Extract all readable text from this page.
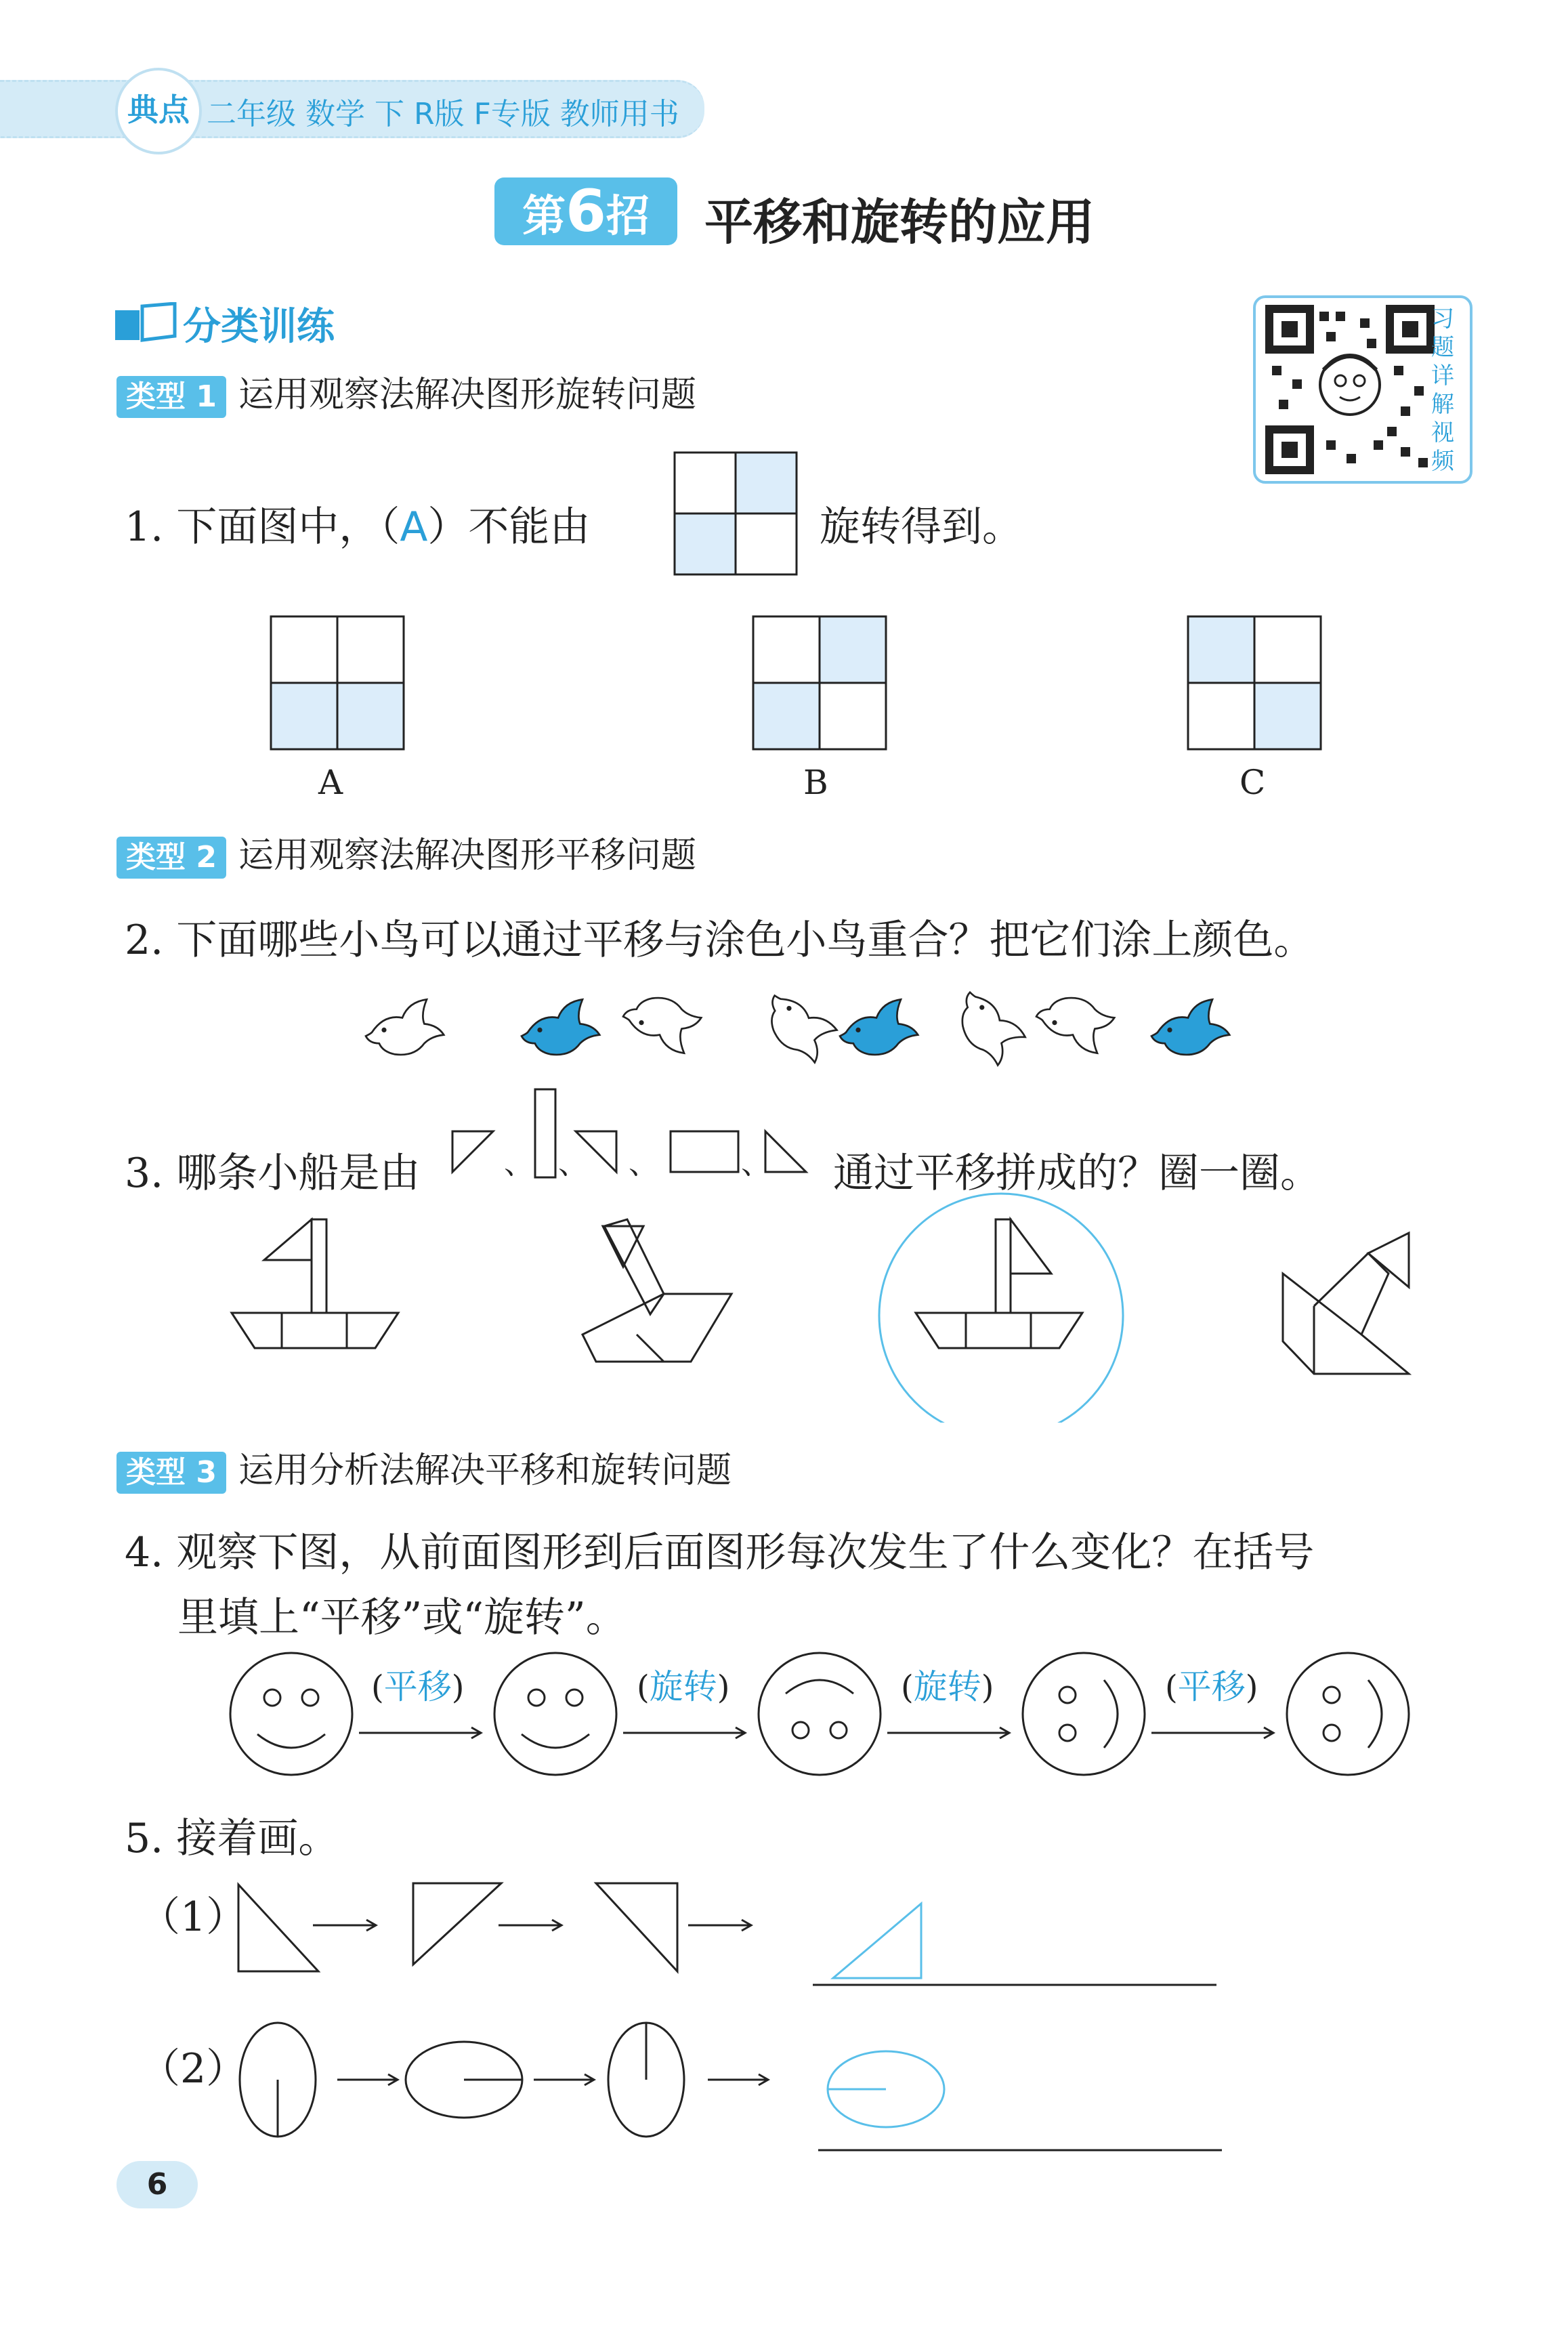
典点 二年级 数学 下 R版 F专版 教师用书
第6招	平移和旋转的应用
分类训练	习题详解视频
类型 1 运用观察法解决图形旋转问题
1. 下面图中，（A）不能由	旋转得到。
A	B	C
类型 2 运用观察法解决图形平移问题
2. 下面哪些小鸟可以通过平移与涂色小鸟重合？把它们涂上颜色。
3. 哪条小船是由	、 、 、	、 通过平移拼成的？圈一圈。
类型 3 运用分析法解决平移和旋转问题
4. 观察下图，从前面图形到后面图形每次发生了什么变化？在括号
里填上“平移”或“旋转”。
(平移)	(旋转)	(旋转)	(平移)
5. 接着画。
（1）
（2）
6
